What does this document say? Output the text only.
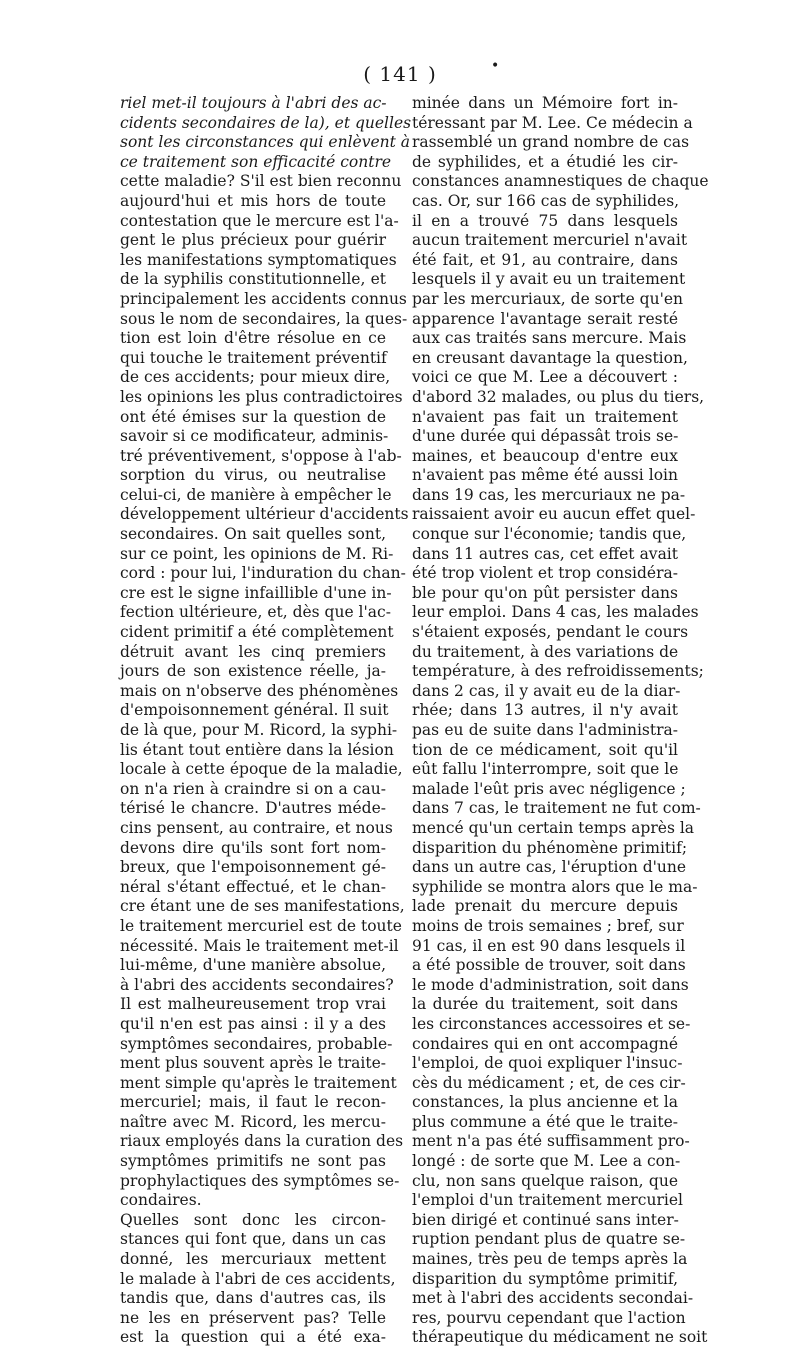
( 141 )	•
riel met-il toujours à l'abri des ac-
cidents secondaires de la), et quelles
sont les circonstances qui enlèvent à
ce traitement son efficacité contre
cette maladie? S'il est bien reconnu
aujourd'hui et mis hors de toute
contestation que le mercure est l'a-
gent le plus précieux pour guérir
les manifestations symptomatiques
de la syphilis constitutionnelle, et
principalement les accidents connus
sous le nom de secondaires, la ques-
tion est loin d'être résolue en ce
qui touche le traitement préventif
de ces accidents; pour mieux dire,
les opinions les plus contradictoires
ont été émises sur la question de
savoir si ce modificateur, adminis-
tré préventivement, s'oppose à l'ab-
sorption du virus, ou neutralise
celui-ci, de manière à empêcher le
développement ultérieur d'accidents
secondaires. On sait quelles sont,
sur ce point, les opinions de M. Ri-
cord : pour lui, l'induration du chan-
cre est le signe infaillible d'une in-
fection ultérieure, et, dès que l'ac-
cident primitif a été complètement
détruit avant les cinq premiers
jours de son existence réelle, ja-
mais on n'observe des phénomènes
d'empoisonnement général. Il suit
de là que, pour M. Ricord, la syphi-
lis étant tout entière dans la lésion
locale à cette époque de la maladie,
on n'a rien à craindre si on a cau-
térisé le chancre. D'autres méde-
cins pensent, au contraire, et nous
devons dire qu'ils sont fort nom-
breux, que l'empoisonnement gé-
néral s'étant effectué, et le chan-
cre étant une de ses manifestations,
le traitement mercuriel est de toute
nécessité. Mais le traitement met-il
lui-même, d'une manière absolue,
à l'abri des accidents secondaires?
Il est malheureusement trop vrai
qu'il n'en est pas ainsi : il y a des
symptômes secondaires, probable-
ment plus souvent après le traite-
ment simple qu'après le traitement
mercuriel; mais, il faut le recon-
naître avec M. Ricord, les mercu-
riaux employés dans la curation des
symptômes primitifs ne sont pas
prophylactiques des symptômes se-
condaires.
Quelles sont donc les circon-
stances qui font que, dans un cas
donné, les mercuriaux mettent
le malade à l'abri de ces accidents,
tandis que, dans d'autres cas, ils
ne les en préservent pas? Telle
est la question qui a été exa-
minée dans un Mémoire fort in-
téressant par M. Lee. Ce médecin a
rassemblé un grand nombre de cas
de syphilides, et a étudié les cir-
constances anamnestiques de chaque
cas. Or, sur 166 cas de syphilides,
il en a trouvé 75 dans lesquels
aucun traitement mercuriel n'avait
été fait, et 91, au contraire, dans
lesquels il y avait eu un traitement
par les mercuriaux, de sorte qu'en
apparence l'avantage serait resté
aux cas traités sans mercure. Mais
en creusant davantage la question,
voici ce que M. Lee a découvert :
d'abord 32 malades, ou plus du tiers,
n'avaient pas fait un traitement
d'une durée qui dépassât trois se-
maines, et beaucoup d'entre eux
n'avaient pas même été aussi loin
dans 19 cas, les mercuriaux ne pa-
raissaient avoir eu aucun effet quel-
conque sur l'économie; tandis que,
dans 11 autres cas, cet effet avait
été trop violent et trop considéra-
ble pour qu'on pût persister dans
leur emploi. Dans 4 cas, les malades
s'étaient exposés, pendant le cours
du traitement, à des variations de
température, à des refroidissements;
dans 2 cas, il y avait eu de la diar-
rhée; dans 13 autres, il n'y avait
pas eu de suite dans l'administra-
tion de ce médicament, soit qu'il
eût fallu l'interrompre, soit que le
malade l'eût pris avec négligence ;
dans 7 cas, le traitement ne fut com-
mencé qu'un certain temps après la
disparition du phénomène primitif;
dans un autre cas, l'éruption d'une
syphilide se montra alors que le ma-
lade prenait du mercure depuis
moins de trois semaines ; bref, sur
91 cas, il en est 90 dans lesquels il
a été possible de trouver, soit dans
le mode d'administration, soit dans
la durée du traitement, soit dans
les circonstances accessoires et se-
condaires qui en ont accompagné
l'emploi, de quoi expliquer l'insuc-
cès du médicament ; et, de ces cir-
constances, la plus ancienne et la
plus commune a été que le traite-
ment n'a pas été suffisamment pro-
longé : de sorte que M. Lee a con-
clu, non sans quelque raison, que
l'emploi d'un traitement mercuriel
bien dirigé et continué sans inter-
ruption pendant plus de quatre se-
maines, très peu de temps après la
disparition du symptôme primitif,
met à l'abri des accidents secondai-
res, pourvu cependant que l'action
thérapeutique du médicament ne soit
